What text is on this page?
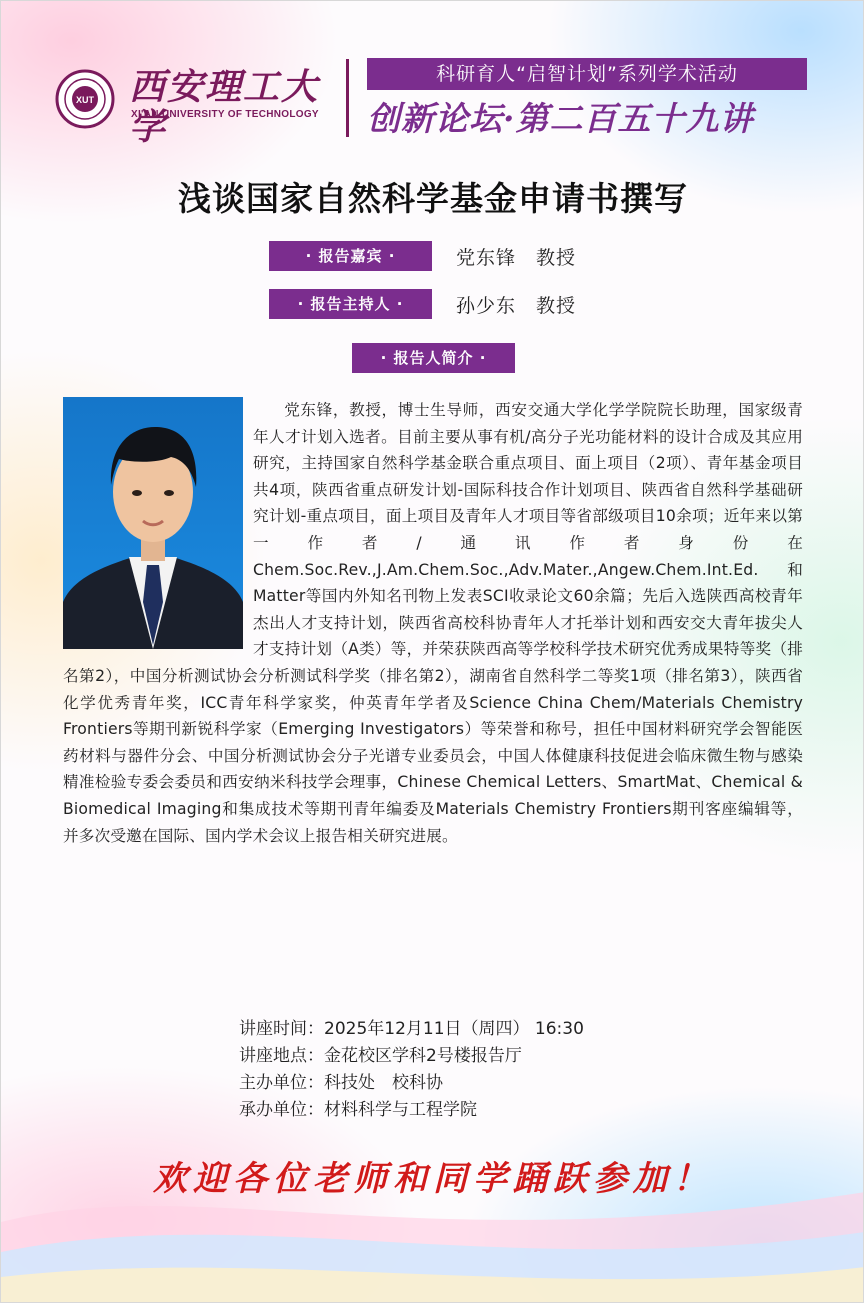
XUT 西安理工大学
XI'AN UNIVERSITY OF TECHNOLOGY
科研育人“启智计划”系列学术活动
创新论坛·第二百五十九讲
浅谈国家自然科学基金申请书撰写
· 报告嘉宾 ·	党东锋　教授
· 报告主持人 ·	孙少东　教授
· 报告人简介 ·

党东锋，教授，博士生导师，西安交通大学化学学院院长助理，国家级青年人才计划入选者。目前主要从事有机/高分子光功能材料的设计合成及其应用研究，主持国家自然科学基金联合重点项目、面上项目（2项）、青年基金项目共4项，陕西省重点研发计划-国际科技合作计划项目、陕西省自然科学基础研究计划-重点项目，面上项目及青年人才项目等省部级项目10余项；近年来以第一作者/通讯作者身份在Chem.Soc.Rev.,J.Am.Chem.Soc.,Adv.Mater.,Angew.Chem.Int.Ed.和Matter等国内外知名刊物上发表SCI收录论文60余篇；先后入选陕西高校青年杰出人才支持计划，陕西省高校科协青年人才托举计划和西安交大青年拔尖人才支持计划（A类）等，并荣获陕西高等学校科学技术研究优秀成果特等奖（排名第2），中国分析测试协会分析测试科学奖（排名第2），湖南省自然科学二等奖1项（排名第3），陕西省化学优秀青年奖，ICC青年科学家奖，仲英青年学者及Science China Chem/Materials Chemistry Frontiers等期刊新锐科学家（Emerging Investigators）等荣誉和称号，担任中国材料研究学会智能医药材料与器件分会、中国分析测试协会分子光谱专业委员会，中国人体健康科技促进会临床微生物与感染精准检验专委会委员和西安纳米科技学会理事，Chinese Chemical Letters、SmartMat、Chemical & Biomedical Imaging和集成技术等期刊青年编委及Materials Chemistry Frontiers期刊客座编辑等，并多次受邀在国际、国内学术会议上报告相关研究进展。

讲座时间：2025年12月11日（周四） 16:30
讲座地点：金花校区学科2号楼报告厅
主办单位：科技处　校科协
承办单位：材料科学与工程学院
欢迎各位老师和同学踊跃参加！
